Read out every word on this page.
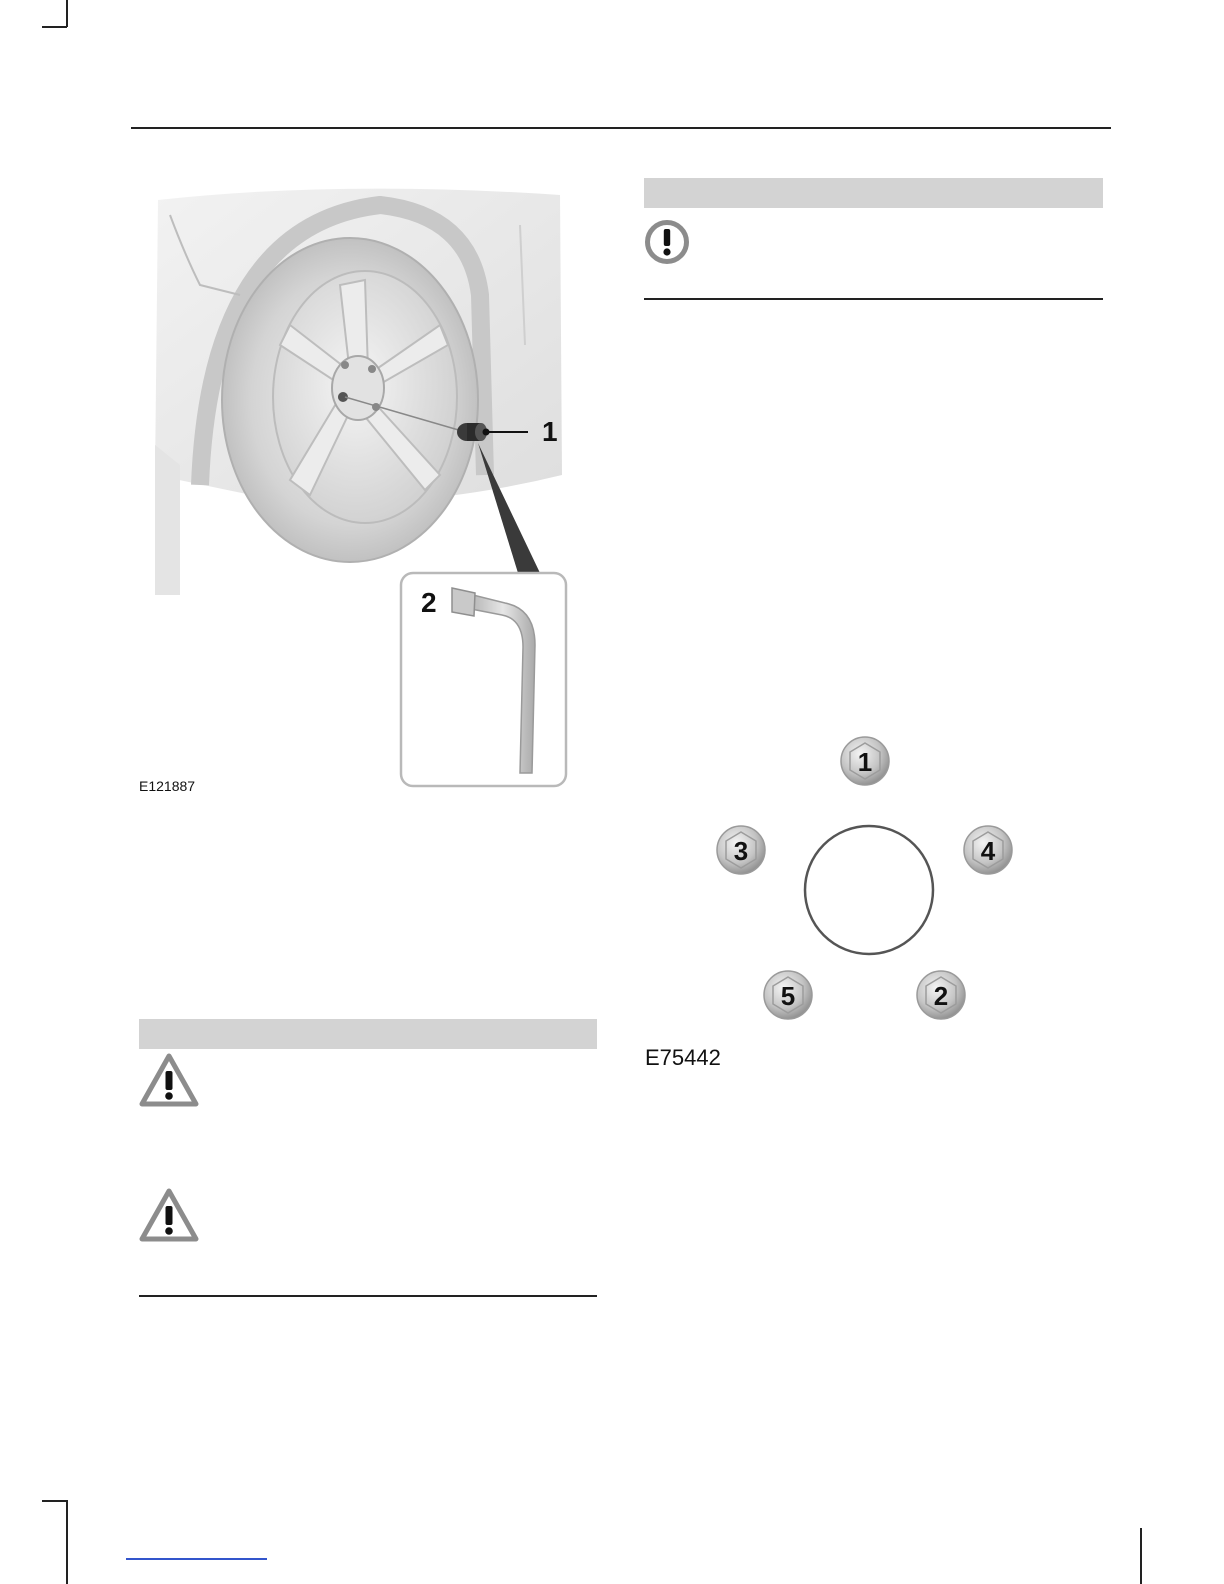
1
2
E121887
1
2
3	4
5
E75442
